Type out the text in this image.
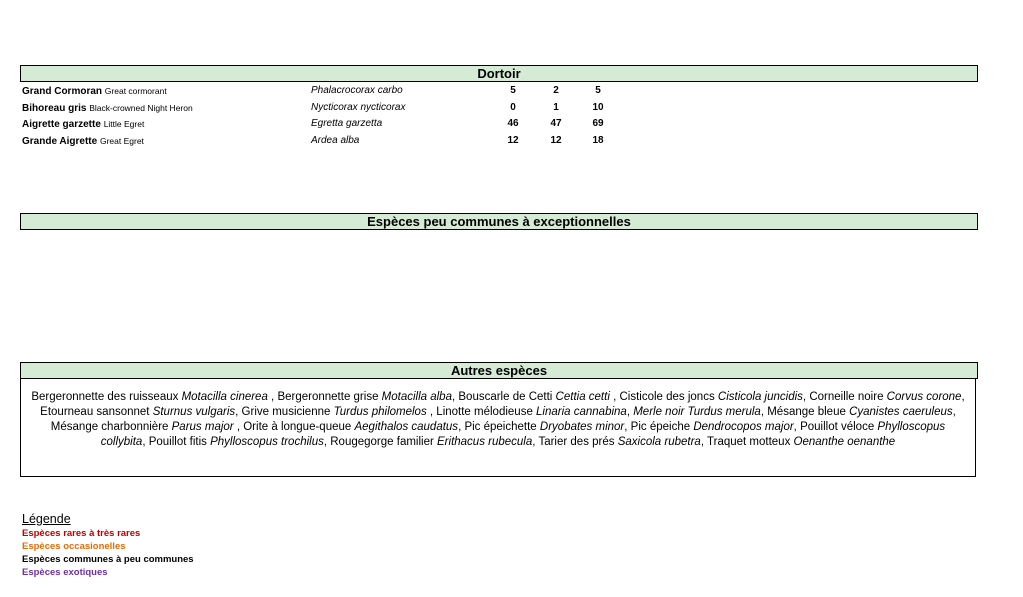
Dortoir
Grand Cormoran Great cormorant	Phalacrocorax carbo	5	2	5
Bihoreau gris Black-crowned Night Heron	Nycticorax nycticorax	0	1	10
Aigrette garzette Little Egret	Egretta garzetta	46	47	69
Grande Aigrette Great Egret	Ardea alba	12	12	18
Espèces peu communes à exceptionnelles
Autres espèces
Bergeronnette des ruisseaux Motacilla cinerea , Bergeronnette grise Motacilla alba, Bouscarle de Cetti Cettia cetti , Cisticole des joncs Cisticola juncidis, Corneille noire Corvus corone, Etourneau sansonnet Sturnus vulgaris, Grive musicienne Turdus philomelos , Linotte mélodieuse Linaria cannabina, Merle noir Turdus merula, Mésange bleue Cyanistes caeruleus, Mésange charbonnière Parus major , Orite à longue-queue Aegithalos caudatus, Pic épeichette Dryobates minor, Pic épeiche Dendrocopos major, Pouillot véloce Phylloscopus collybita, Pouillot fitis Phylloscopus trochilus, Rougegorge familier Erithacus rubecula, Tarier des prés Saxicola rubetra, Traquet motteux Oenanthe oenanthe
Légende
Espèces rares à très rares
Espèces occasionelles
Espèces communes à peu communes
Espèces exotiques
